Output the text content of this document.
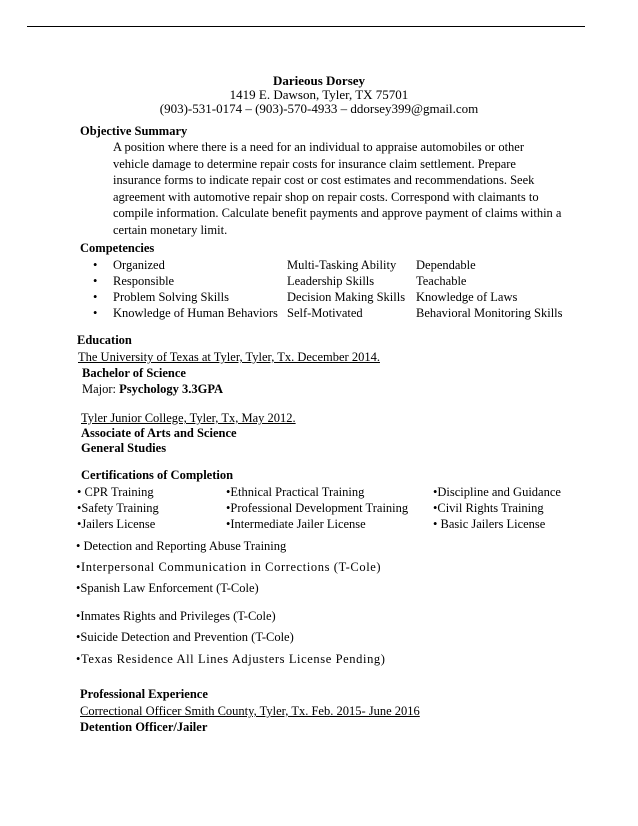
Darieous Dorsey
1419 E. Dawson, Tyler, TX 75701
(903)-531-0174 – (903)-570-4933 – ddorsey399@gmail.com
Objective Summary
A position where there is a need for an individual to appraise automobiles or other
vehicle damage to determine repair costs for insurance claim settlement. Prepare
insurance forms to indicate repair cost or cost estimates and recommendations. Seek
agreement with automotive repair shop on repair costs. Correspond with claimants to
compile information. Calculate benefit payments and approve payment of claims within a
certain monetary limit.
Competencies
• Organized
• Responsible
• Problem Solving Skills
• Knowledge of Human Behaviors
Multi-Tasking Ability
Leadership Skills
Decision Making Skills
Self-Motivated
Dependable
Teachable
Knowledge of Laws
Behavioral Monitoring Skills
Education
The University of Texas at Tyler, Tyler, Tx. December 2014.
Bachelor of Science
Major: Psychology 3.3GPA
Tyler Junior College, Tyler, Tx, May 2012.
Associate of Arts and Science
General Studies
Certifications of Completion
• CPR Training
•Safety Training
•Jailers License
•Ethnical Practical Training
•Professional Development Training
•Intermediate Jailer License
•Discipline and Guidance
•Civil Rights Training
• Basic Jailers License
• Detection and Reporting Abuse Training
•Interpersonal Communication in Corrections (T-Cole)
•Spanish Law Enforcement (T-Cole)
•Inmates Rights and Privileges (T-Cole)
•Suicide Detection and Prevention (T-Cole)
•Texas Residence All Lines Adjusters License Pending)
Professional Experience
Correctional Officer Smith County, Tyler, Tx. Feb. 2015- June 2016
Detention Officer/Jailer
